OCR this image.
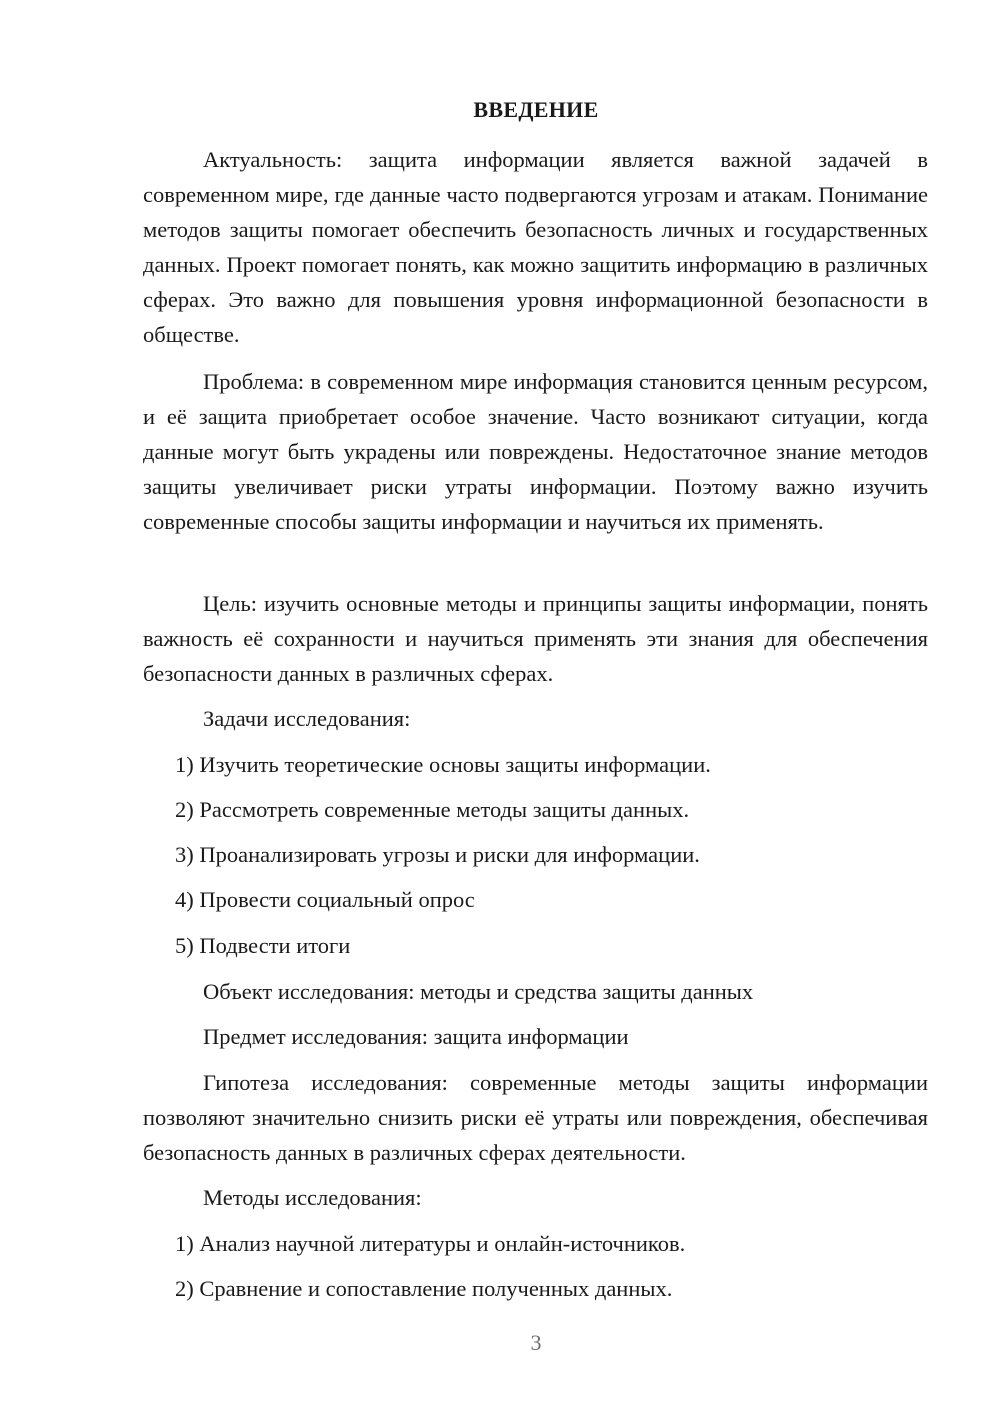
ВВЕДЕНИЕ

Актуальность: защита информации является важной задачей в современном мире, где данные часто подвергаются угрозам и атакам. Понимание методов защиты помогает обеспечить безопасность личных и государственных данных. Проект помогает понять, как можно защитить информацию в различных сферах. Это важно для повышения уровня информационной безопасности в обществе.

Проблема: в современном мире информация становится ценным ресурсом, и её защита приобретает особое значение. Часто возникают ситуации, когда данные могут быть украдены или повреждены. Недостаточное знание методов защиты увеличивает риски утраты информации. Поэтому важно изучить современные способы защиты информации и научиться их применять.

Цель: изучить основные методы и принципы защиты информации, понять важность её сохранности и научиться применять эти знания для обеспечения безопасности данных в различных сферах.

Задачи исследования:

1) Изучить теоретические основы защиты информации.

2) Рассмотреть современные методы защиты данных.

3) Проанализировать угрозы и риски для информации.

4) Провести социальный опрос

5) Подвести итоги

Объект исследования: методы и средства защиты данных

Предмет исследования: защита информации

Гипотеза исследования: современные методы защиты информации позволяют значительно снизить риски её утраты или повреждения, обеспечивая безопасность данных в различных сферах деятельности.

Методы исследования:

1) Анализ научной литературы и онлайн-источников.

2) Сравнение и сопоставление полученных данных.

3
